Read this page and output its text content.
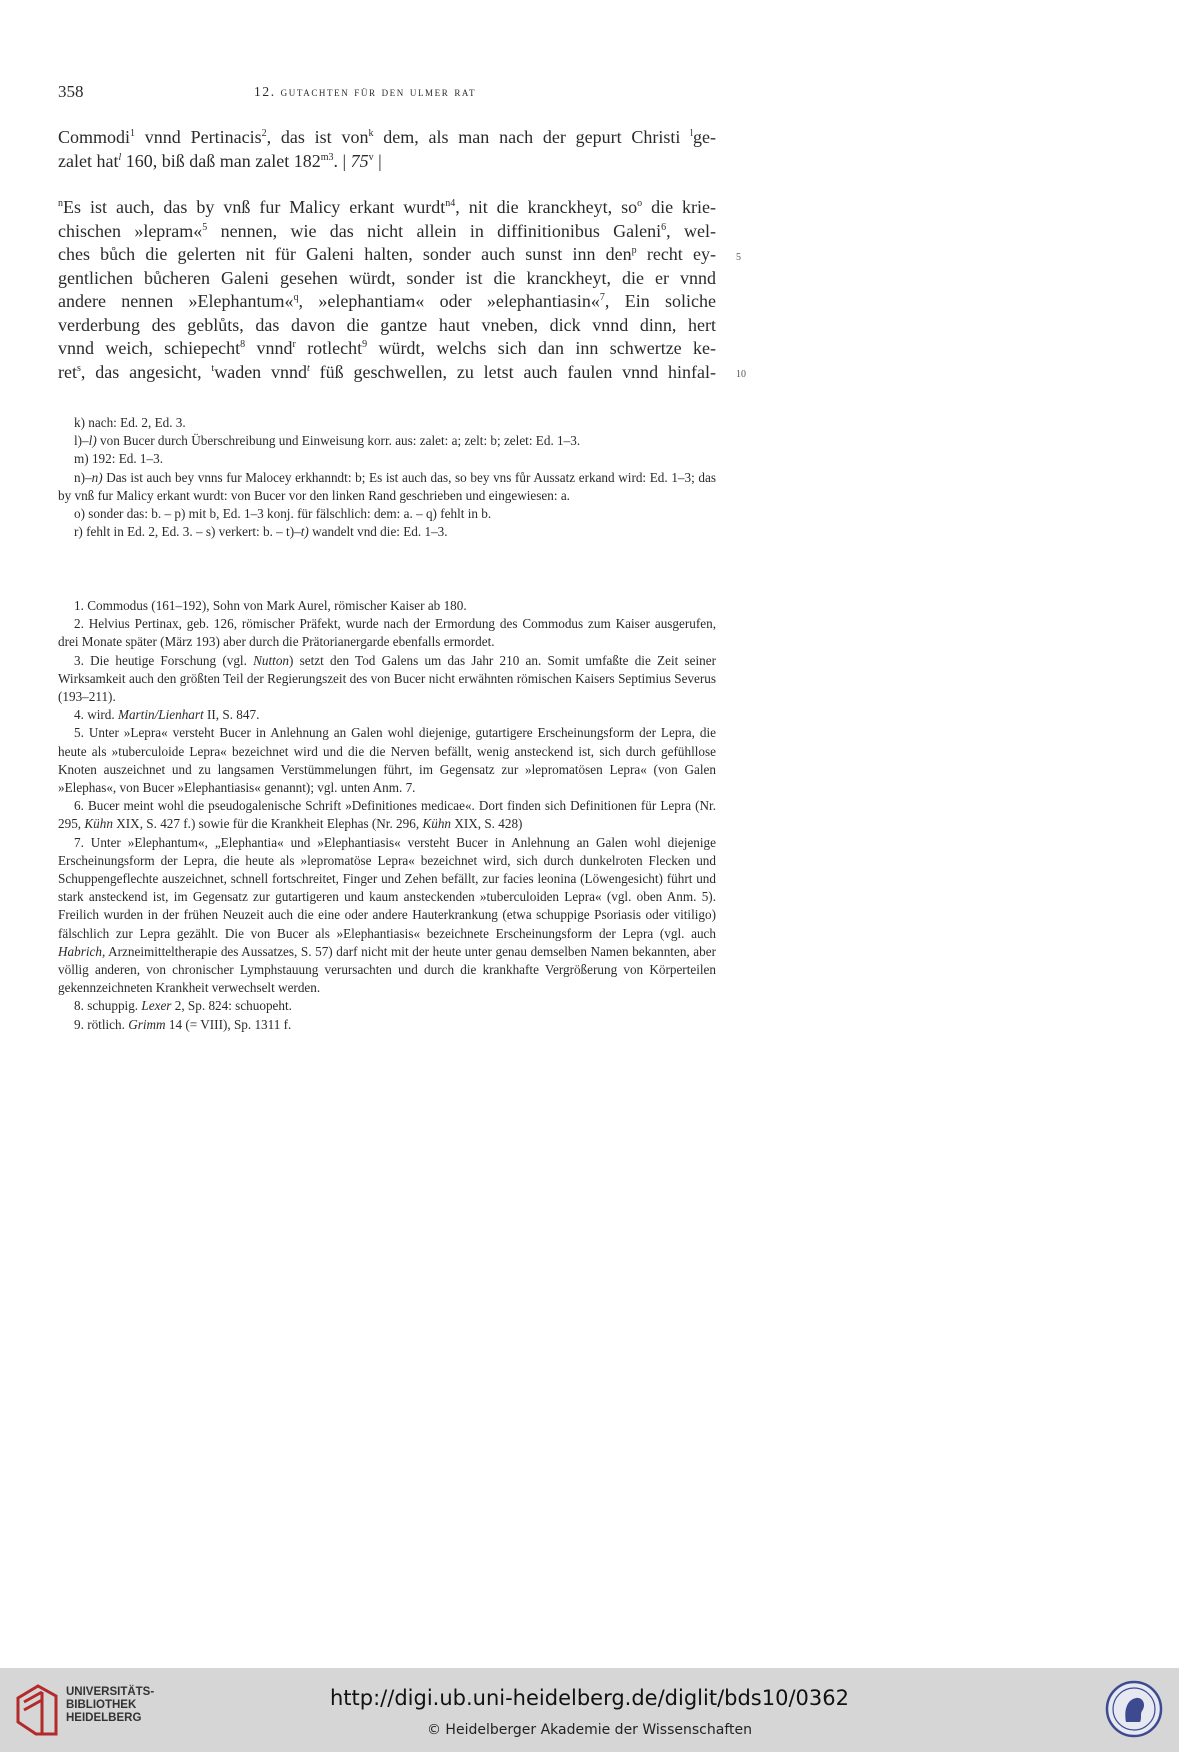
358	12. gutachten für den ulmer rat

Commodi$^1$ vnnd Pertinacis$^2$, das ist von$^k$ dem, als man nach der gepurt Christi $^l$ge-
zalet hat$^l$ 160, biß daß man zalet $182^{m3}$. | 75$^v$ |

$^n$Es ist auch, das by vnß fur Malicy erkant wurdt$^{n4}$, nit die kranckheyt, $so^o$ die krie-
chischen »lepram«$^5$ nennen, wie das nicht allein in diffinitionibus Galeni$^6$, wel-
ches bůch die gelerten nit für Galeni halten, sonder auch sunst inn den$^p$ recht ey-
gentlichen bůcheren Galeni gesehen würdt, sonder ist die kranckheyt, die er vnnd
andere nennen »Elephantum«$^q$, »elephantiam« oder »elephantiasin«$^7$, Ein soliche
verderbung des geblůts, das davon die gantze haut vneben, dick vnnd dinn, hert
vnnd weich, schiepecht$^8$ vnnd$^r$ rotlecht$^9$ würdt, welchs sich dan inn schwertze ke-
ret$^s$, das angesicht, $^t$waden vnnd$^t$ füß geschwellen, zu letst auch faulen vnnd hinfal-

5
10
k) nach: Ed. 2, Ed. 3.
l)–l) von Bucer durch Überschreibung und Einweisung korr. aus: zalet: a; zelt: b; zelet: Ed. 1–3.
m) 192: Ed. 1–3.
n)–n) Das ist auch bey vnns fur Malocey erkhanndt: b; Es ist auch das, so bey vns fůr Aussatz erkand wird: Ed. 1–3; das by vnß fur Malicy erkant wurdt: von Bucer vor den linken Rand geschrieben und eingewiesen: a.
o) sonder das: b. – p) mit b, Ed. 1–3 konj. für fälschlich: dem: a. – q) fehlt in b.
r) fehlt in Ed. 2, Ed. 3. – s) verkert: b. – t)–t) wandelt vnd die: Ed. 1–3.
1. Commodus (161–192), Sohn von Mark Aurel, römischer Kaiser ab 180.
2. Helvius Pertinax, geb. 126, römischer Präfekt, wurde nach der Ermordung des Commodus zum Kaiser ausgerufen, drei Monate später (März 193) aber durch die Prätorianergarde ebenfalls ermordet.
3. Die heutige Forschung (vgl. Nutton) setzt den Tod Galens um das Jahr 210 an. Somit umfaßte die Zeit seiner Wirksamkeit auch den größten Teil der Regierungszeit des von Bucer nicht erwähnten römischen Kaisers Septimius Severus (193–211).
4. wird. Martin/Lienhart II, S. 847.
5. Unter »Lepra« versteht Bucer in Anlehnung an Galen wohl diejenige, gutartigere Erscheinungsform der Lepra, die heute als »tuberculoide Lepra« bezeichnet wird und die die Nerven befällt, wenig ansteckend ist, sich durch gefühllose Knoten auszeichnet und zu langsamen Verstümmelungen führt, im Gegensatz zur »lepromatösen Lepra« (von Galen »Elephas«, von Bucer »Elephantiasis« genannt); vgl. unten Anm. 7.
6. Bucer meint wohl die pseudogalenische Schrift »Definitiones medicae«. Dort finden sich Definitionen für Lepra (Nr. 295, Kühn XIX, S. 427 f.) sowie für die Krankheit Elephas (Nr. 296, Kühn XIX, S. 428)
7. Unter »Elephantum«, „Elephantia« und »Elephantiasis« versteht Bucer in Anlehnung an Galen wohl diejenige Erscheinungsform der Lepra, die heute als »lepromatöse Lepra« bezeichnet wird, sich durch dunkelroten Flecken und Schuppengeflechte auszeichnet, schnell fortschreitet, Finger und Zehen befällt, zur facies leonina (Löwengesicht) führt und stark ansteckend ist, im Gegensatz zur gutartigeren und kaum ansteckenden »tuberculoiden Lepra« (vgl. oben Anm. 5). Freilich wurden in der frühen Neuzeit auch die eine oder andere Hauterkrankung (etwa schuppige Psoriasis oder vitiligo) fälschlich zur Lepra gezählt. Die von Bucer als »Elephantiasis« bezeichnete Erscheinungsform der Lepra (vgl. auch Habrich, Arzneimitteltherapie des Aussatzes, S. 57) darf nicht mit der heute unter genau demselben Namen bekannten, aber völlig anderen, von chronischer Lymphstauung verursachten und durch die krankhafte Vergrößerung von Körperteilen gekennzeichneten Krankheit verwechselt werden.
8. schuppig. Lexer 2, Sp. 824: schuopeht.
9. rötlich. Grimm 14 (= VIII), Sp. 1311 f.
UNIVERSITÄTS-
BIBLIOTHEK
HEIDELBERG
http://digi.ub.uni-heidelberg.de/diglit/bds10/0362
© Heidelberger Akademie der Wissenschaften
